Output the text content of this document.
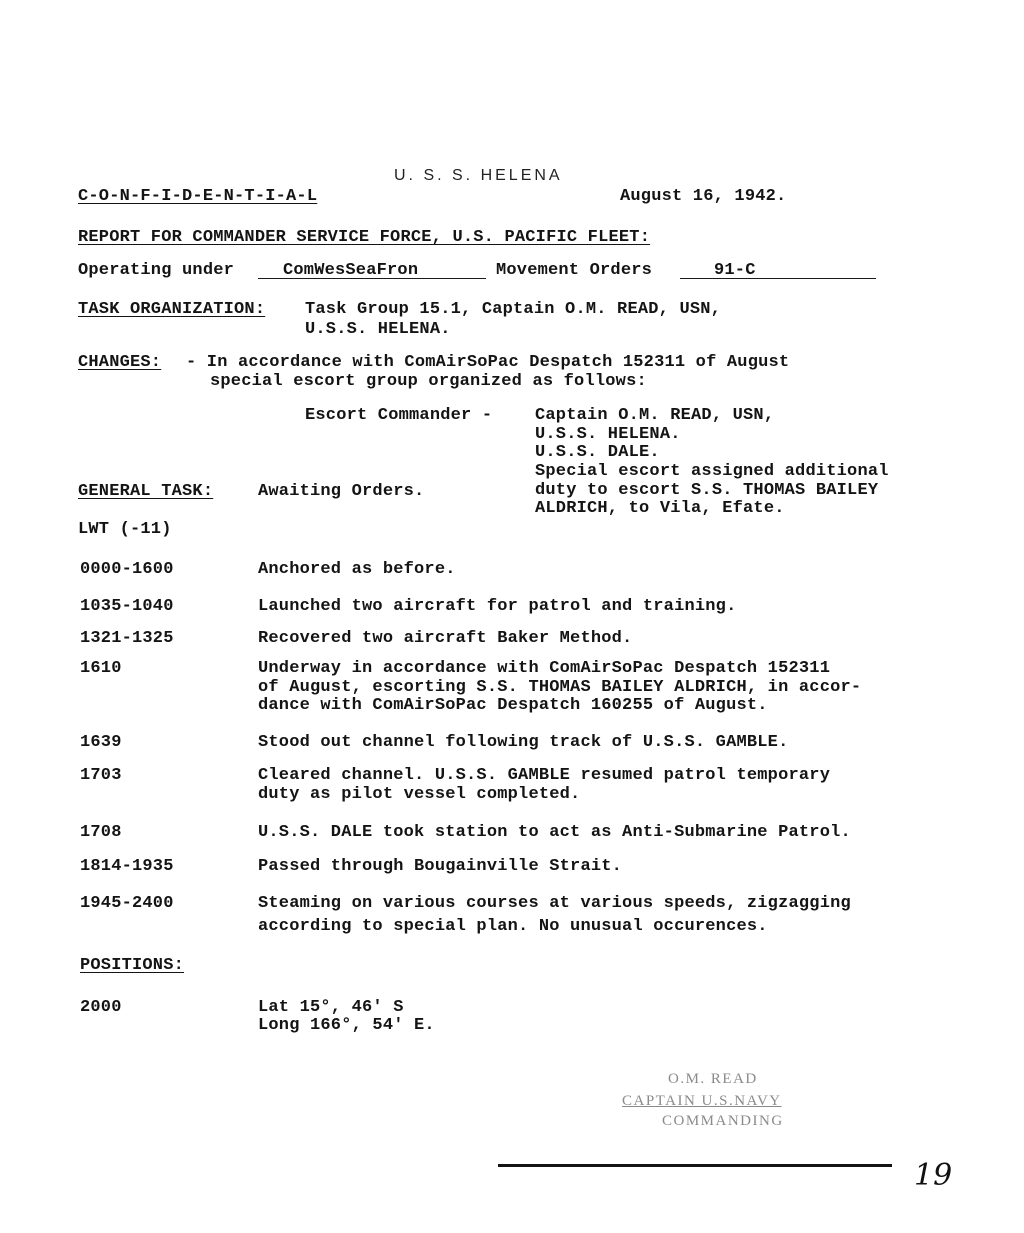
U. S. S. HELENA
C-O-N-F-I-D-E-N-T-I-A-L	August 16, 1942.
REPORT FOR COMMANDER SERVICE FORCE, U.S. PACIFIC FLEET:
Operating under	ComWesSeaFron	Movement Orders	91-C
TASK ORGANIZATION: Task Group 15.1, Captain O.M. READ, USN,
U.S.S. HELENA.
CHANGES: - In accordance with ComAirSoPac Despatch 152311 of August
special escort group organized as follows:
Escort Commander -	Captain O.M. READ, USN,
U.S.S. HELENA.
U.S.S. DALE.
Special escort assigned additional
duty to escort S.S. THOMAS BAILEY
ALDRICH, to Vila, Efate.
GENERAL TASK:	Awaiting Orders.
LWT (-11)
0000-1600	Anchored as before.
1035-1040	Launched two aircraft for patrol and training.
1321-1325	Recovered two aircraft Baker Method.
1610	Underway in accordance with ComAirSoPac Despatch 152311
of August, escorting S.S. THOMAS BAILEY ALDRICH, in accor-
dance with ComAirSoPac Despatch 160255 of August.
1639	Stood out channel following track of U.S.S. GAMBLE.
1703	Cleared channel. U.S.S. GAMBLE resumed patrol temporary
duty as pilot vessel completed.
1708	U.S.S. DALE took station to act as Anti-Submarine Patrol.
1814-1935	Passed through Bougainville Strait.
1945-2400	Steaming on various courses at various speeds, zigzagging
according to special plan. No unusual occurences.
POSITIONS:
2000	Lat 15°, 46' S
Long 166°, 54' E.
O.M. READ
CAPTAIN U.S.NAVY
COMMANDING
19
